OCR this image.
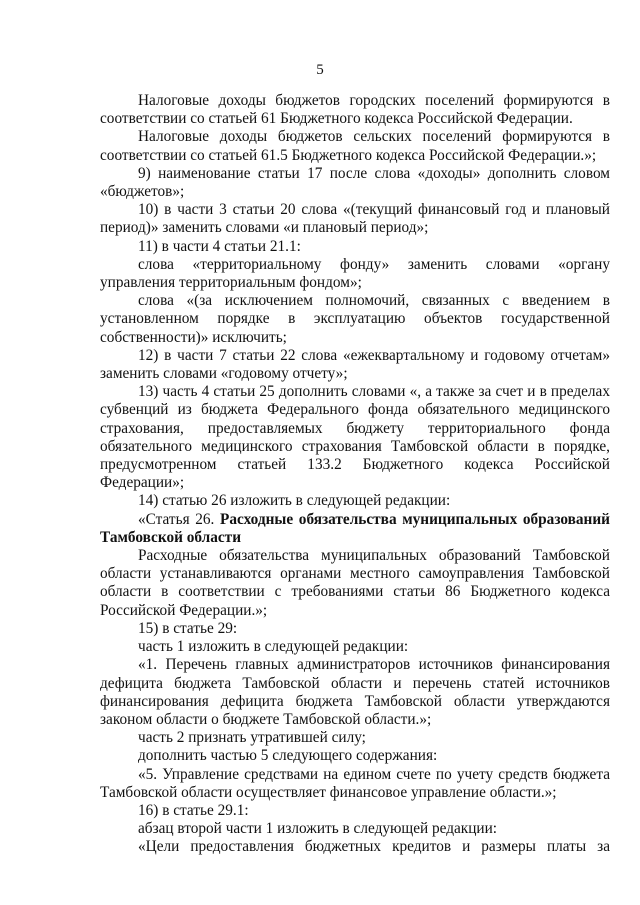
5

Налоговые доходы бюджетов городских поселений формируются в соответствии со статьей 61 Бюджетного кодекса Российской Федерации.

Налоговые доходы бюджетов сельских поселений формируются в соответствии со статьей 61.5 Бюджетного кодекса Российской Федерации.»;

9) наименование статьи 17 после слова «доходы» дополнить словом «бюджетов»;

10) в части 3 статьи 20 слова «(текущий финансовый год и плановый период)» заменить словами «и плановый период»;

11) в части 4 статьи 21.1:

слова «территориальному фонду» заменить словами «органу управления территориальным фондом»;

слова «(за исключением полномочий, связанных с введением в установленном порядке в эксплуатацию объектов государственной собственности)» исключить;

12) в части 7 статьи 22 слова «ежеквартальному и годовому отчетам» заменить словами «годовому отчету»;

13) часть 4 статьи 25 дополнить словами «, а также за счет и в пределах субвенций из бюджета Федерального фонда обязательного медицинского страхования, предоставляемых бюджету территориального фонда обязательного медицинского страхования Тамбовской области в порядке, предусмотренном статьей 133.2 Бюджетного кодекса Российской Федерации»;

14) статью 26 изложить в следующей редакции:

«Статья 26. Расходные обязательства муниципальных образований Тамбовской области

Расходные обязательства муниципальных образований Тамбовской области устанавливаются органами местного самоуправления Тамбовской области в соответствии с требованиями статьи 86 Бюджетного кодекса Российской Федерации.»;

15) в статье 29:

часть 1 изложить в следующей редакции:

«1. Перечень главных администраторов источников финансирования дефицита бюджета Тамбовской области и перечень статей источников финансирования дефицита бюджета Тамбовской области утверждаются законом области о бюджете Тамбовской области.»;

часть 2 признать утратившей силу;

дополнить частью 5 следующего содержания:

«5. Управление средствами на едином счете по учету средств бюджета Тамбовской области осуществляет финансовое управление области.»;

16) в статье 29.1:

абзац второй части 1 изложить в следующей редакции:

«Цели предоставления бюджетных кредитов и размеры платы за
